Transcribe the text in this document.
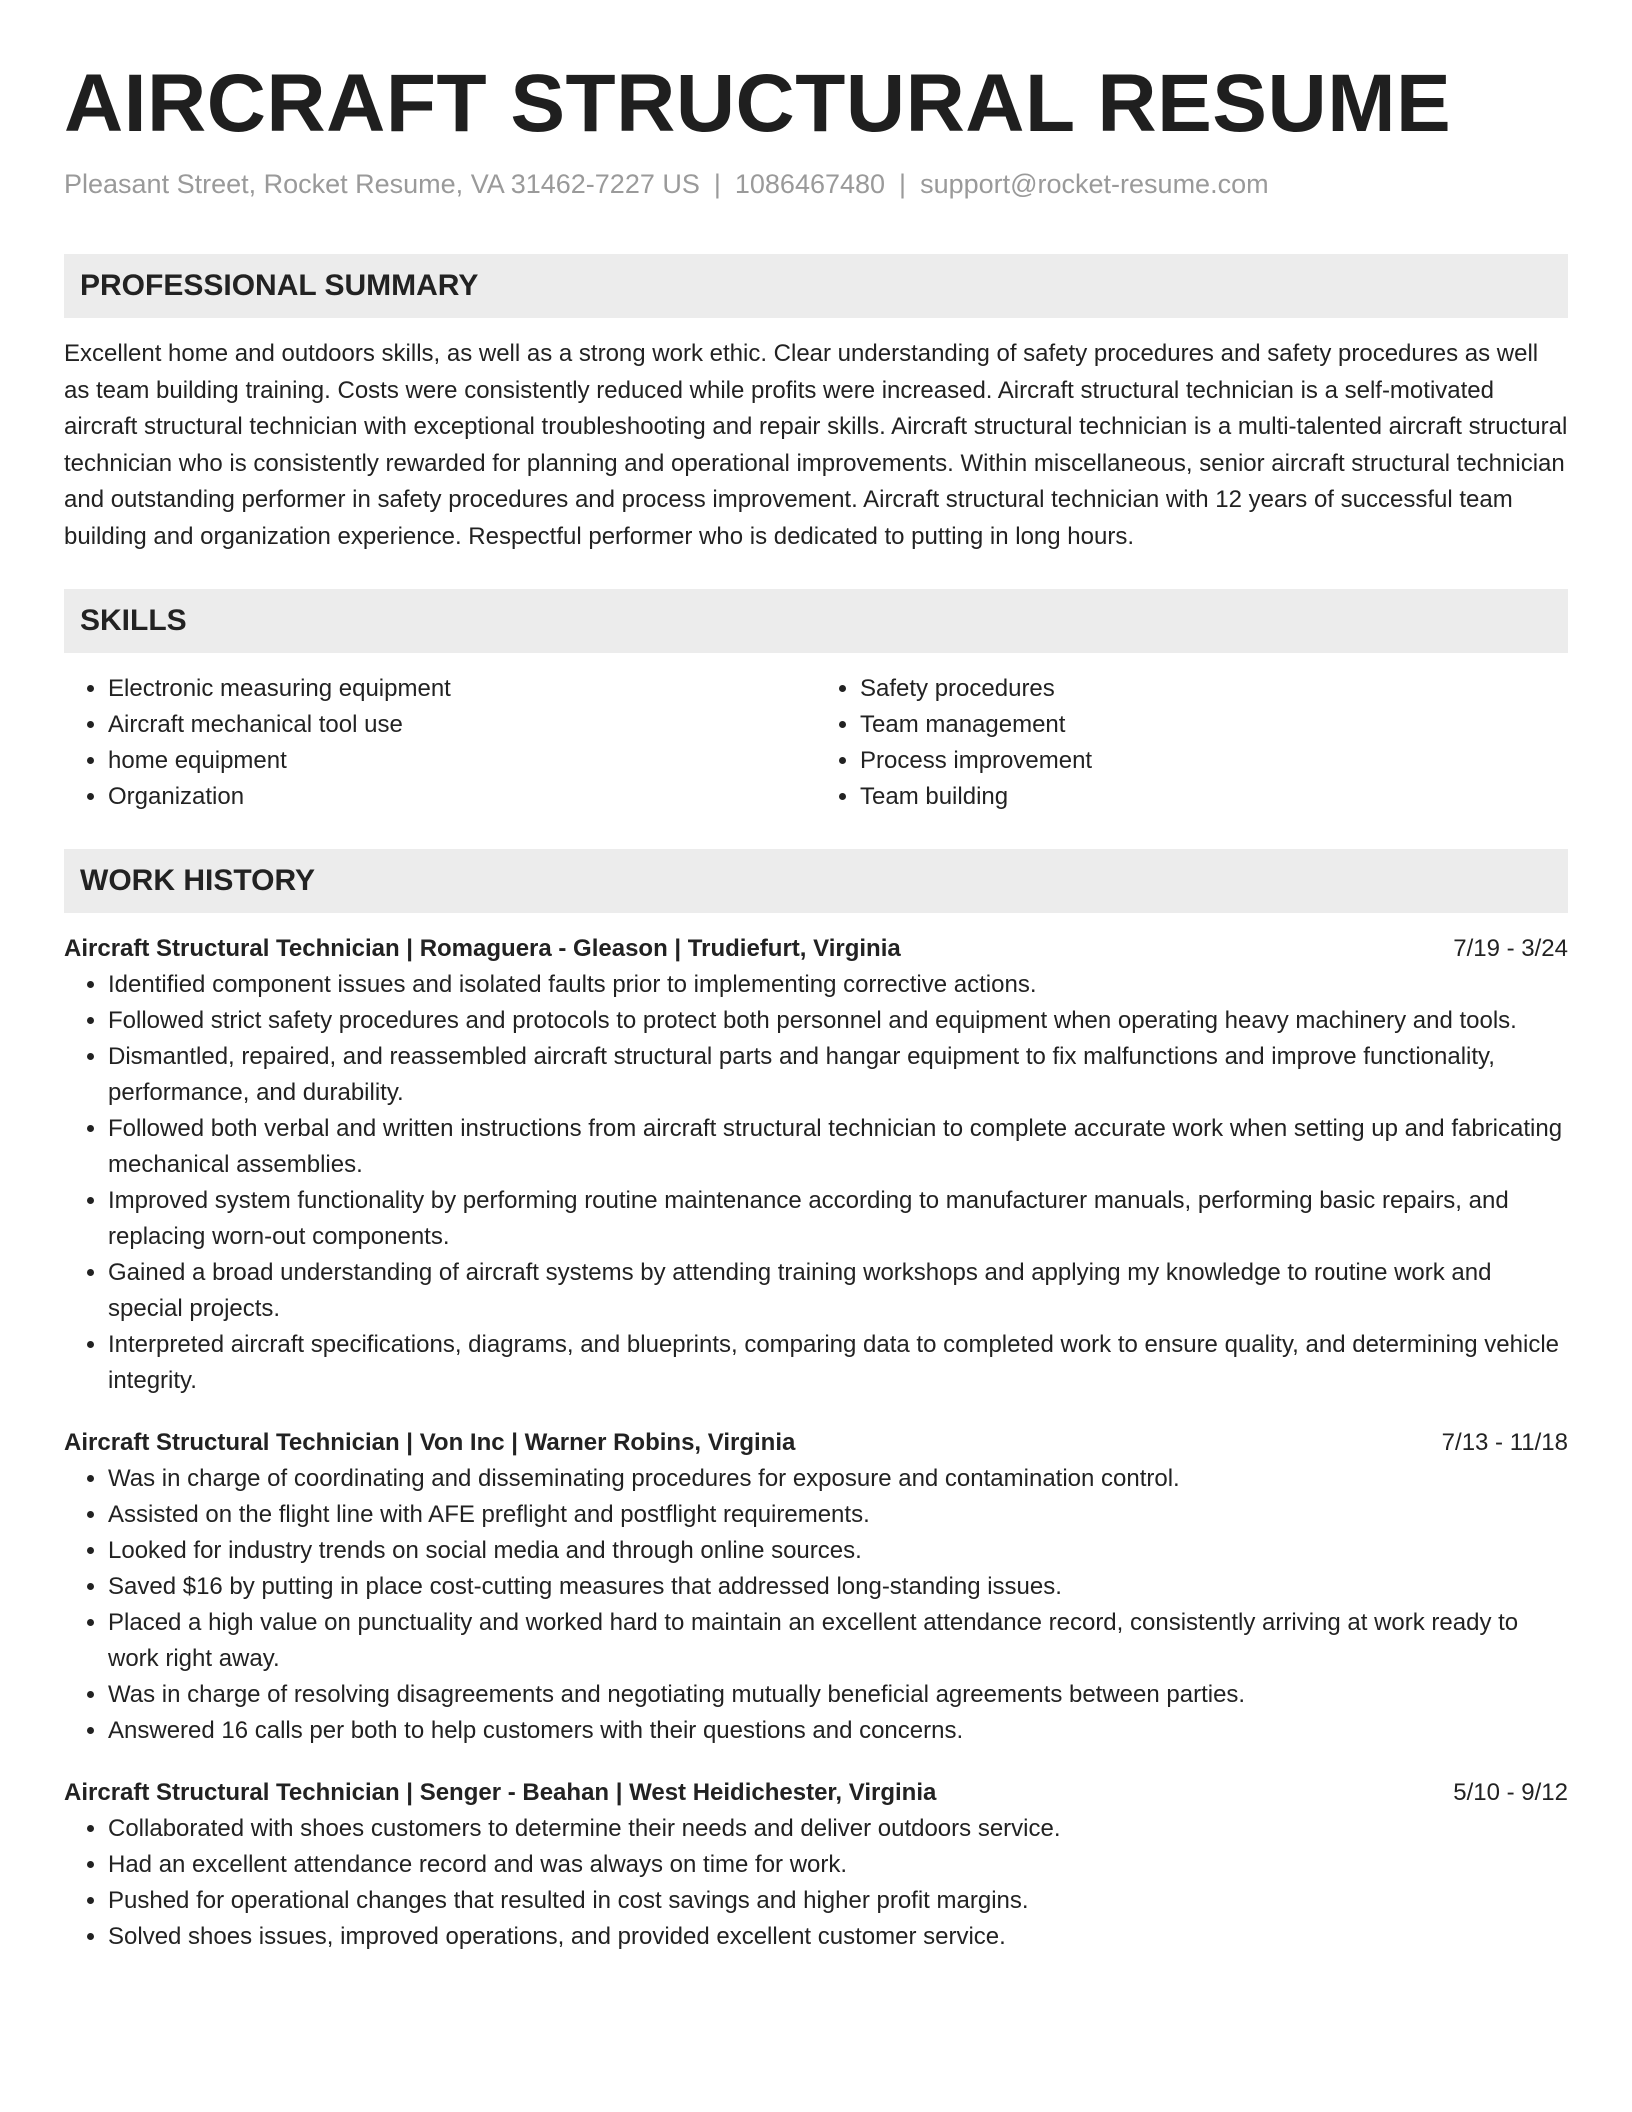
AIRCRAFT STRUCTURAL RESUME
Pleasant Street, Rocket Resume, VA 31462-7227 US | 1086467480 | support@rocket-resume.com
PROFESSIONAL SUMMARY
Excellent home and outdoors skills, as well as a strong work ethic. Clear understanding of safety procedures and safety procedures as well as team building training. Costs were consistently reduced while profits were increased. Aircraft structural technician is a self-motivated aircraft structural technician with exceptional troubleshooting and repair skills. Aircraft structural technician is a multi-talented aircraft structural technician who is consistently rewarded for planning and operational improvements. Within miscellaneous, senior aircraft structural technician and outstanding performer in safety procedures and process improvement. Aircraft structural technician with 12 years of successful team building and organization experience. Respectful performer who is dedicated to putting in long hours.
SKILLS
• Electronic measuring equipment
• Aircraft mechanical tool use
• home equipment
• Organization
• Safety procedures
• Team management
• Process improvement
• Team building
WORK HISTORY
Aircraft Structural Technician | Romaguera - Gleason | Trudiefurt, Virginia	7/19 - 3/24
• Identified component issues and isolated faults prior to implementing corrective actions.
• Followed strict safety procedures and protocols to protect both personnel and equipment when operating heavy machinery and tools.
• Dismantled, repaired, and reassembled aircraft structural parts and hangar equipment to fix malfunctions and improve functionality, performance, and durability.
• Followed both verbal and written instructions from aircraft structural technician to complete accurate work when setting up and fabricating mechanical assemblies.
• Improved system functionality by performing routine maintenance according to manufacturer manuals, performing basic repairs, and replacing worn-out components.
• Gained a broad understanding of aircraft systems by attending training workshops and applying my knowledge to routine work and special projects.
• Interpreted aircraft specifications, diagrams, and blueprints, comparing data to completed work to ensure quality, and determining vehicle integrity.
Aircraft Structural Technician | Von Inc | Warner Robins, Virginia	7/13 - 11/18
• Was in charge of coordinating and disseminating procedures for exposure and contamination control.
• Assisted on the flight line with AFE preflight and postflight requirements.
• Looked for industry trends on social media and through online sources.
• Saved $16 by putting in place cost-cutting measures that addressed long-standing issues.
• Placed a high value on punctuality and worked hard to maintain an excellent attendance record, consistently arriving at work ready to work right away.
• Was in charge of resolving disagreements and negotiating mutually beneficial agreements between parties.
• Answered 16 calls per both to help customers with their questions and concerns.
Aircraft Structural Technician | Senger - Beahan | West Heidichester, Virginia	5/10 - 9/12
• Collaborated with shoes customers to determine their needs and deliver outdoors service.
• Had an excellent attendance record and was always on time for work.
• Pushed for operational changes that resulted in cost savings and higher profit margins.
• Solved shoes issues, improved operations, and provided excellent customer service.
